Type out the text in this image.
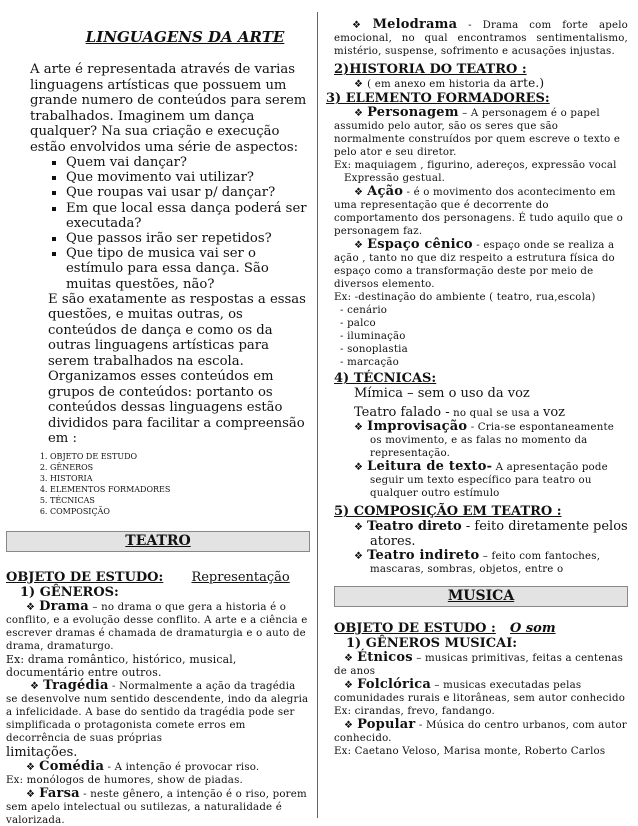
LINGUAGENS DA ARTE

A arte é representada através de varias linguagens artísticas que possuem um grande numero de conteúdos para serem trabalhados. Imaginem um dança qualquer? Na sua criação e execução estão envolvidos uma série de aspectos:

▪ Quem vai dançar?
▪ Que movimento vai utilizar?
▪ Que roupas vai usar p/ dançar?
▪ Em que local essa dança poderá ser executada?
▪ Que passos irão ser repetidos?
▪ Que tipo de musica vai ser o estímulo para essa dança. São muitas questões, não?

E são exatamente as respostas a essas questões, e muitas outras, os conteúdos de dança e como os da outras linguagens artísticas para serem trabalhados na escola.

Organizamos esses conteúdos em grupos de conteúdos: portanto os conteúdos dessas linguagens estão divididos para facilitar a compreensão em :

1. OBJETO DE ESTUDO
2. GÊNEROS
3. HISTORIA
4. ELEMENTOS FORMADORES
5. TÉCNICAS
6. COMPOSIÇÃO
TEATRO

OBJETO DE ESTUDO: Representação

1) GÊNEROS:

❖ Drama – no drama o que gera a historia é o conflito, e a evolução desse conflito. A arte e a ciência e escrever dramas é chamada de dramaturgia e o auto de drama, dramaturgo.

Ex: drama romântico, histórico, musical, documentário entre outros.

❖ Tragédia - Normalmente a ação da tragédia se desenvolve num sentido descendente, indo da alegria a infelicidade. A base do sentido da tragédia pode ser simplificada o protagonista comete erros em decorrência de suas próprias

limitações.

❖ Comédia - A intenção é provocar riso.

Ex: monólogos de humores, show de piadas.

❖ Farsa - neste gênero, a intenção é o riso, porem sem apelo intelectual ou sutilezas, a naturalidade é valorizada.

❖ Melodrama - Drama com forte apelo emocional, no qual encontramos sentimentalismo, mistério, suspense, sofrimento e acusações injustas.

2)HISTORIA DO TEATRO :

❖ ( em anexo em historia da arte.)

3) ELEMENTO FORMADORES:

❖ Personagem – A personagem é o papel assumido pelo autor, são os seres que são normalmente construídos por quem escreve o texto e pelo ator e seu diretor.

Ex: maquiagem , figurino, adereços, expressão vocal

Expressão gestual.

❖ Ação - é o movimento dos acontecimento em uma representação que é decorrente do comportamento dos personagens. É tudo aquilo que o personagem faz.

❖ Espaço cênico - espaço onde se realiza a ação , tanto no que diz respeito a estrutura física do espaço como a transformação deste por meio de diversos elemento.

Ex: -destinação do ambiente ( teatro, rua,escola)

- cenário
- palco
- iluminação
- sonoplastia
- marcação

4) TÉCNICAS:

Mímica – sem o uso da voz

Teatro falado - no qual se usa a voz

❖ Improvisação - Cria-se espontaneamente os movimento, e as falas no momento da representação.

❖ Leitura de texto- A apresentação pode seguir um texto específico para teatro ou qualquer outro estímulo

5) COMPOSIÇÃO EM TEATRO :

❖ Teatro direto - feito diretamente pelos atores.

❖ Teatro indireto – feito com fantoches, mascaras, sombras, objetos, entre o

MUSICA

OBJETO DE ESTUDO : O som

1) GÊNEROS MUSICAI:

❖ Étnicos – musicas primitivas, feitas a centenas de anos

❖ Folclórica – musicas executadas pelas comunidades rurais e litorâneas, sem autor conhecido

Ex: cirandas, frevo, fandango.

❖ Popular - Música do centro urbanos, com autor conhecido.

Ex: Caetano Veloso, Marisa monte, Roberto Carlos
